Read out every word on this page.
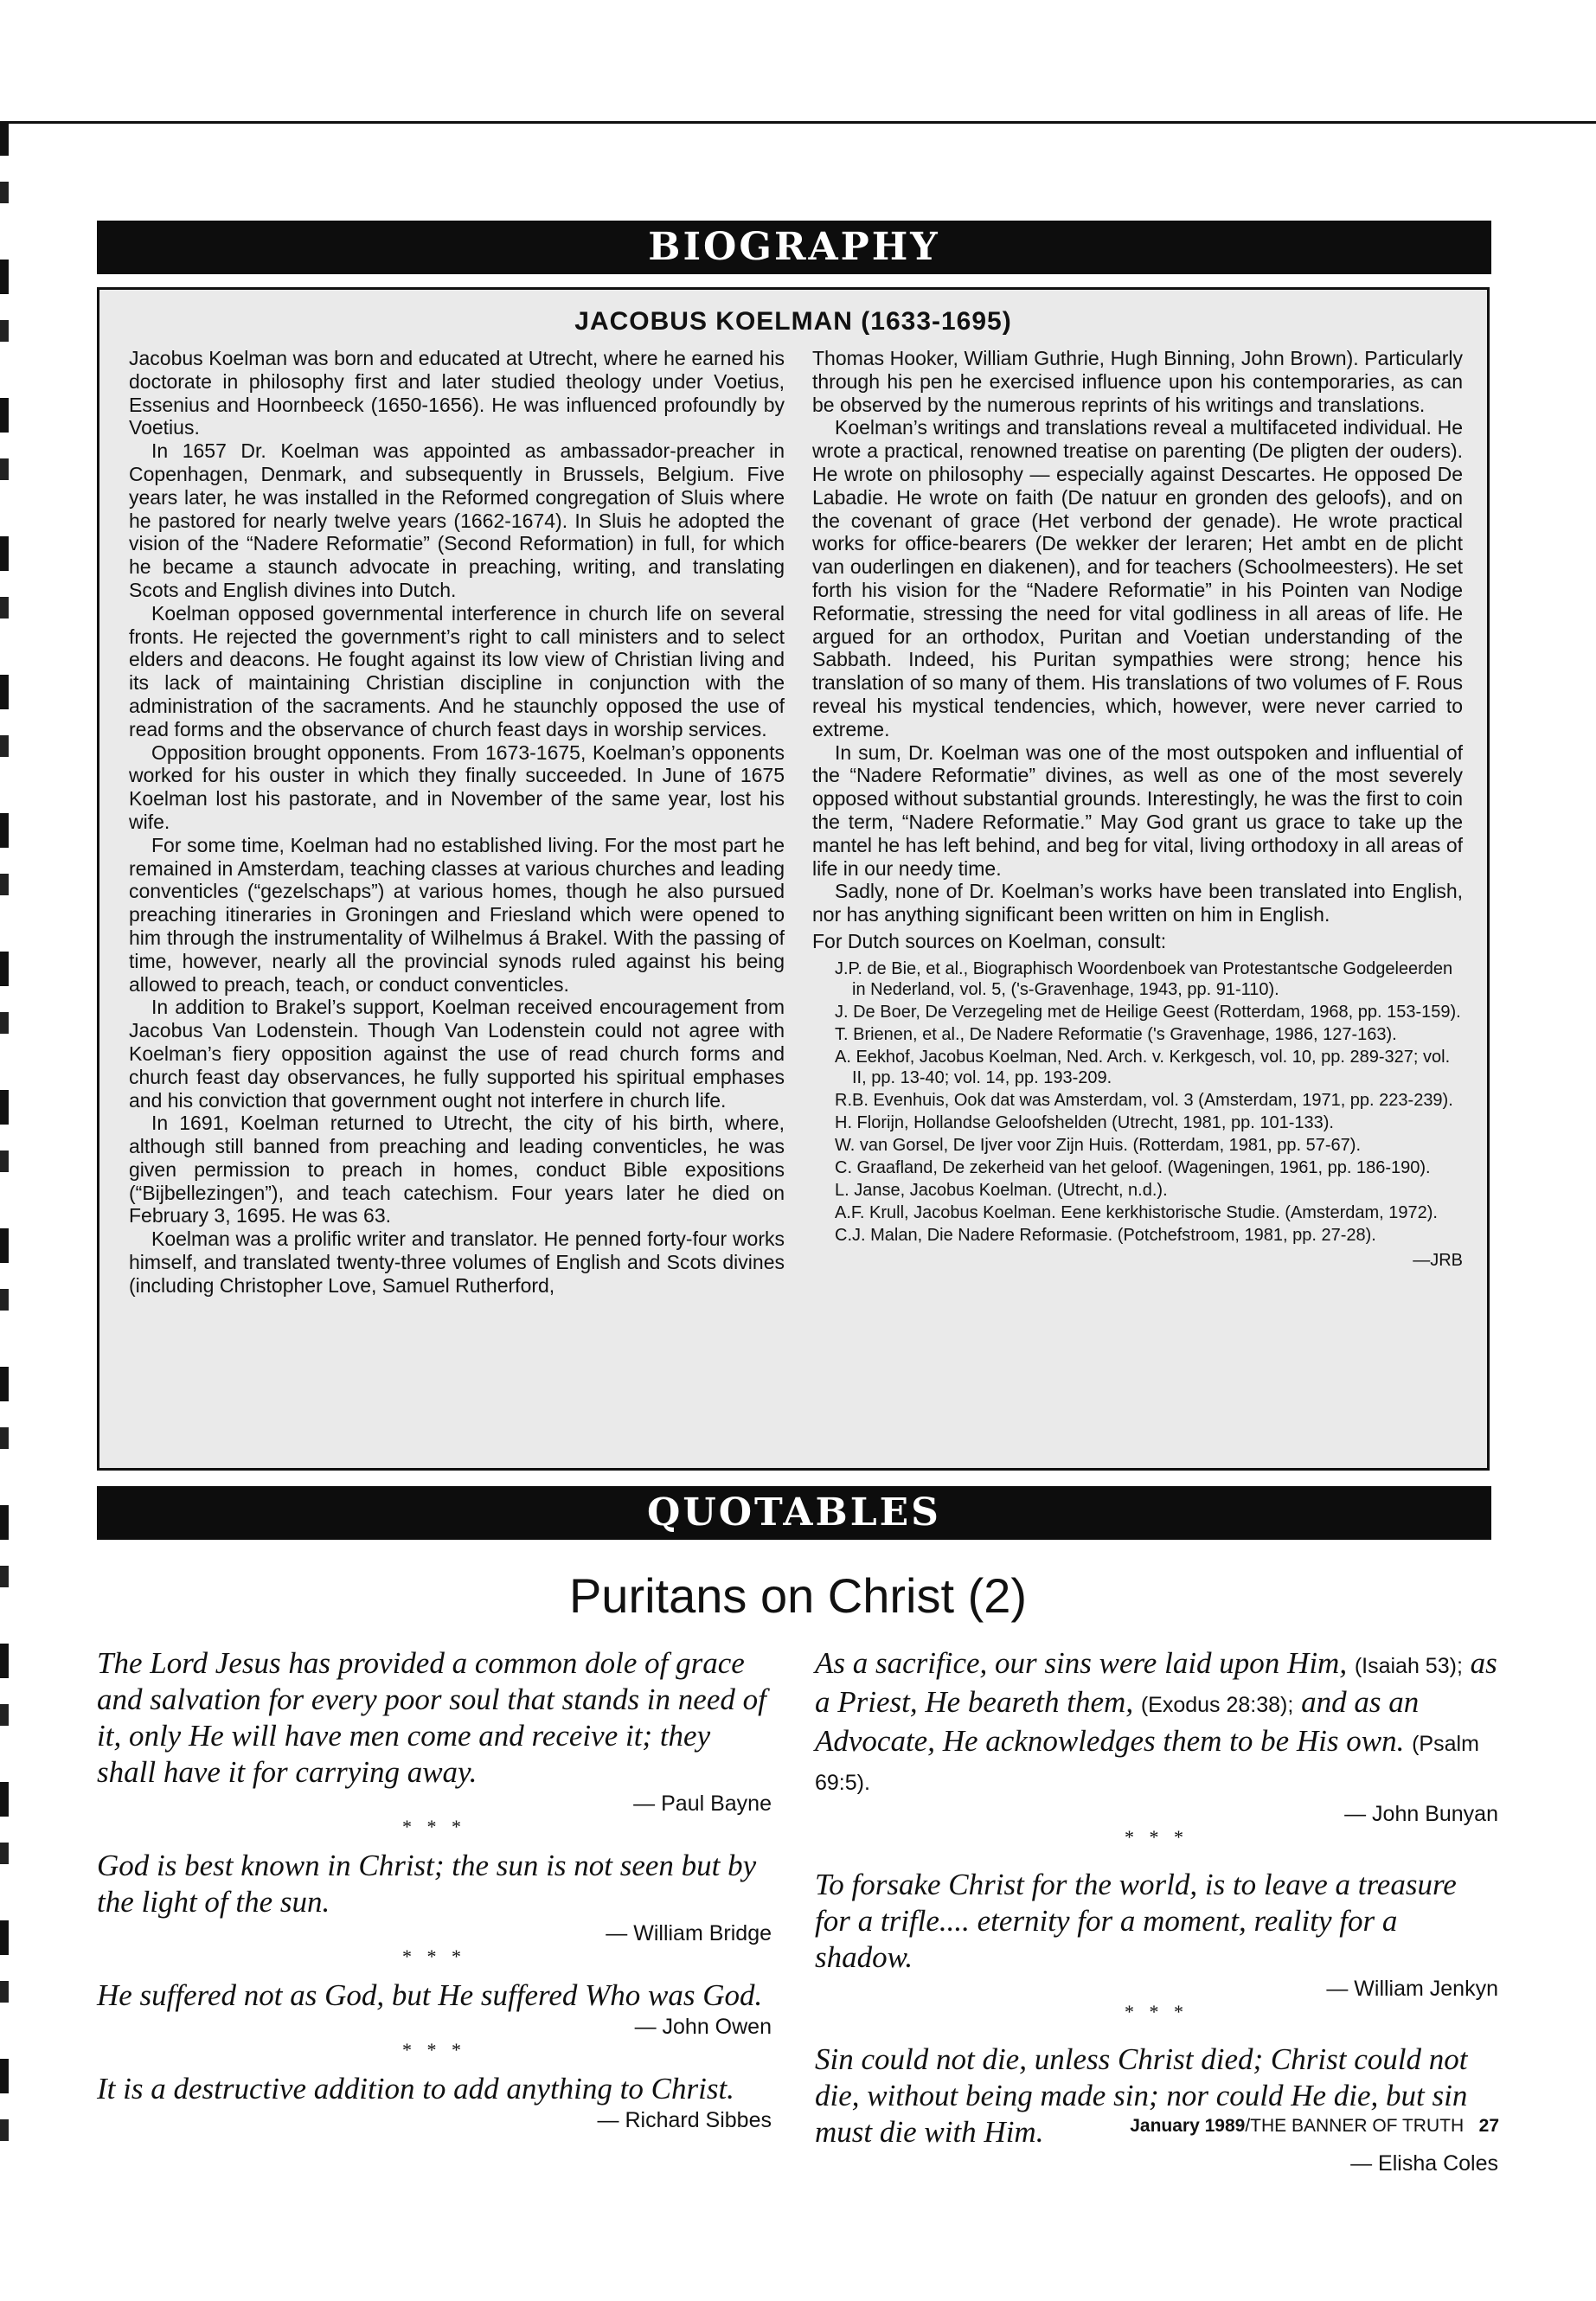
BIOGRAPHY
JACOBUS KOELMAN (1633-1695)

Jacobus Koelman was born and educated at Utrecht, where he earned his doctorate in philosophy first and later studied theology under Voetius, Essenius and Hoornbeeck (1650-1656). He was influenced profoundly by Voetius.

In 1657 Dr. Koelman was appointed as ambassador-preacher in Copenhagen, Denmark, and subsequently in Brussels, Belgium. Five years later, he was installed in the Reformed congregation of Sluis where he pastored for nearly twelve years (1662-1674). In Sluis he adopted the vision of the “Nadere Reformatie” (Second Reformation) in full, for which he became a staunch advocate in preaching, writing, and translating Scots and English divines into Dutch.

Koelman opposed governmental interference in church life on several fronts. He rejected the government’s right to call ministers and to select elders and deacons. He fought against its low view of Christian living and its lack of maintaining Christian discipline in conjunction with the administration of the sacraments. And he staunchly opposed the use of read forms and the observance of church feast days in worship services.

Opposition brought opponents. From 1673-1675, Koelman’s opponents worked for his ouster in which they finally succeeded. In June of 1675 Koelman lost his pastorate, and in November of the same year, lost his wife.

For some time, Koelman had no established living. For the most part he remained in Amsterdam, teaching classes at various churches and leading conventicles (“gezelschaps”) at various homes, though he also pursued preaching itineraries in Groningen and Friesland which were opened to him through the instrumentality of Wilhelmus á Brakel. With the passing of time, however, nearly all the provincial synods ruled against his being allowed to preach, teach, or conduct conventicles.

In addition to Brakel’s support, Koelman received encouragement from Jacobus Van Lodenstein. Though Van Lodenstein could not agree with Koelman’s fiery opposition against the use of read church forms and church feast day observances, he fully supported his spiritual emphases and his conviction that government ought not interfere in church life.

In 1691, Koelman returned to Utrecht, the city of his birth, where, although still banned from preaching and leading conventicles, he was given permission to preach in homes, conduct Bible expositions (“Bijbellezingen”), and teach catechism. Four years later he died on February 3, 1695. He was 63.

Koelman was a prolific writer and translator. He penned forty-four works himself, and translated twenty-three volumes of English and Scots divines (including Christopher Love, Samuel Rutherford,

Thomas Hooker, William Guthrie, Hugh Binning, John Brown). Particularly through his pen he exercised influence upon his contemporaries, as can be observed by the numerous reprints of his writings and translations.

Koelman’s writings and translations reveal a multifaceted individual. He wrote a practical, renowned treatise on parenting (De pligten der ouders). He wrote on philosophy — especially against Descartes. He opposed De Labadie. He wrote on faith (De natuur en gronden des geloofs), and on the covenant of grace (Het verbond der genade). He wrote practical works for office-bearers (De wekker der leraren; Het ambt en de plicht van ouderlingen en diakenen), and for teachers (Schoolmeesters). He set forth his vision for the “Nadere Reformatie” in his Pointen van Nodige Reformatie, stressing the need for vital godliness in all areas of life. He argued for an orthodox, Puritan and Voetian understanding of the Sabbath. Indeed, his Puritan sympathies were strong; hence his translation of so many of them. His translations of two volumes of F. Rous reveal his mystical tendencies, which, however, were never carried to extreme.

In sum, Dr. Koelman was one of the most outspoken and influential of the “Nadere Reformatie” divines, as well as one of the most severely opposed without substantial grounds. Interestingly, he was the first to coin the term, “Nadere Reformatie.” May God grant us grace to take up the mantel he has left behind, and beg for vital, living orthodoxy in all areas of life in our needy time.

Sadly, none of Dr. Koelman’s works have been translated into English, nor has anything significant been written on him in English.

For Dutch sources on Koelman, consult:

J.P. de Bie, et al., Biographisch Woordenboek van Protestantsche Godgeleerden in Nederland, vol. 5, ('s-Gravenhage, 1943, pp. 91-110).
J. De Boer, De Verzegeling met de Heilige Geest (Rotterdam, 1968, pp. 153-159).
T. Brienen, et al., De Nadere Reformatie ('s Gravenhage, 1986, 127-163).
A. Eekhof, Jacobus Koelman, Ned. Arch. v. Kerkgesch, vol. 10, pp. 289-327; vol. II, pp. 13-40; vol. 14, pp. 193-209.
R.B. Evenhuis, Ook dat was Amsterdam, vol. 3 (Amsterdam, 1971, pp. 223-239).
H. Florijn, Hollandse Geloofshelden (Utrecht, 1981, pp. 101-133).
W. van Gorsel, De Ijver voor Zijn Huis. (Rotterdam, 1981, pp. 57-67).
C. Graafland, De zekerheid van het geloof. (Wageningen, 1961, pp. 186-190).
L. Janse, Jacobus Koelman. (Utrecht, n.d.).
A.F. Krull, Jacobus Koelman. Eene kerkhistorische Studie. (Amsterdam, 1972).
C.J. Malan, Die Nadere Reformasie. (Potchefstroom, 1981, pp. 27-28).
—JRB
QUOTABLES
Puritans on Christ (2)

The Lord Jesus has provided a common dole of grace and salvation for every poor soul that stands in need of it, only He will have men come and receive it; they shall have it for carrying away.

— Paul Bayne
* * *

God is best known in Christ; the sun is not seen but by the light of the sun.

— William Bridge
* * *

He suffered not as God, but He suffered Who was God.

— John Owen
* * *

It is a destructive addition to add anything to Christ.

— Richard Sibbes

As a sacrifice, our sins were laid upon Him, (Isaiah 53); as a Priest, He beareth them, (Exodus 28:38); and as an Advocate, He acknowledges them to be His own. (Psalm 69:5).

— John Bunyan
* * *

To forsake Christ for the world, is to leave a treasure for a trifle.... eternity for a moment, reality for a shadow.

— William Jenkyn
* * *

Sin could not die, unless Christ died; Christ could not die, without being made sin; nor could He die, but sin must die with Him.

— Elisha Coles
January 1989/THE BANNER OF TRUTH 27
